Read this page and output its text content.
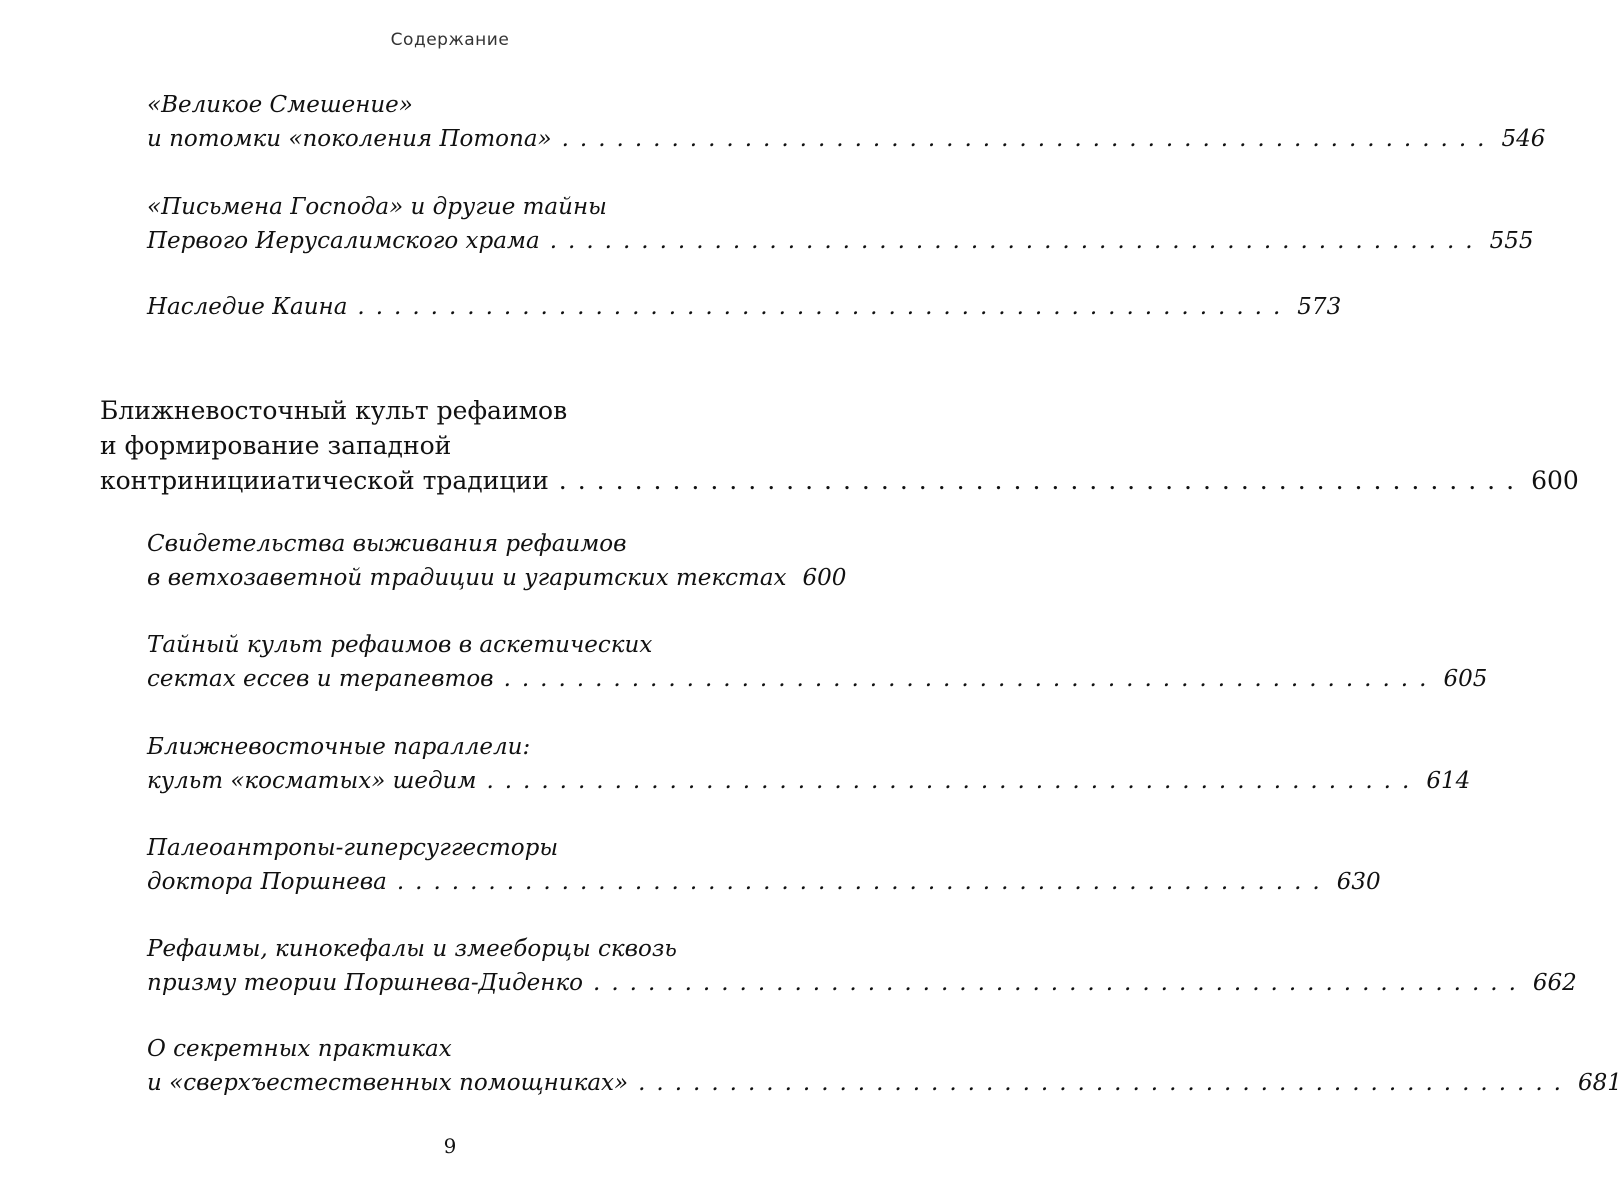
Содержание
«Великое Смешение»
и потомки «поколения Потопа» ................................................... 546
«Письмена Господа» и другие тайны
Первого Иерусалимского храма ................................................... 555
Наследие Каина ................................................... 573
Ближневосточный культ рефаимов
и формирование западной
контриницииатической традиции ................................................... 600
Свидетельства выживания рефаимов
в ветхозаветной традиции и угаритских текстах 600
Тайный культ рефаимов в аскетических
сектах ессев и терапевтов ................................................... 605
Ближневосточные параллели:
культ «косматых» шедим ................................................... 614
Палеоантропы-гиперсуггесторы
доктора Поршнева ................................................... 630
Рефаимы, кинокефалы и змееборцы сквозь
призму теории Поршнева-Диденко ................................................... 662
О секретных практиках
и «сверхъестественных помощниках» ................................................... 681
9
